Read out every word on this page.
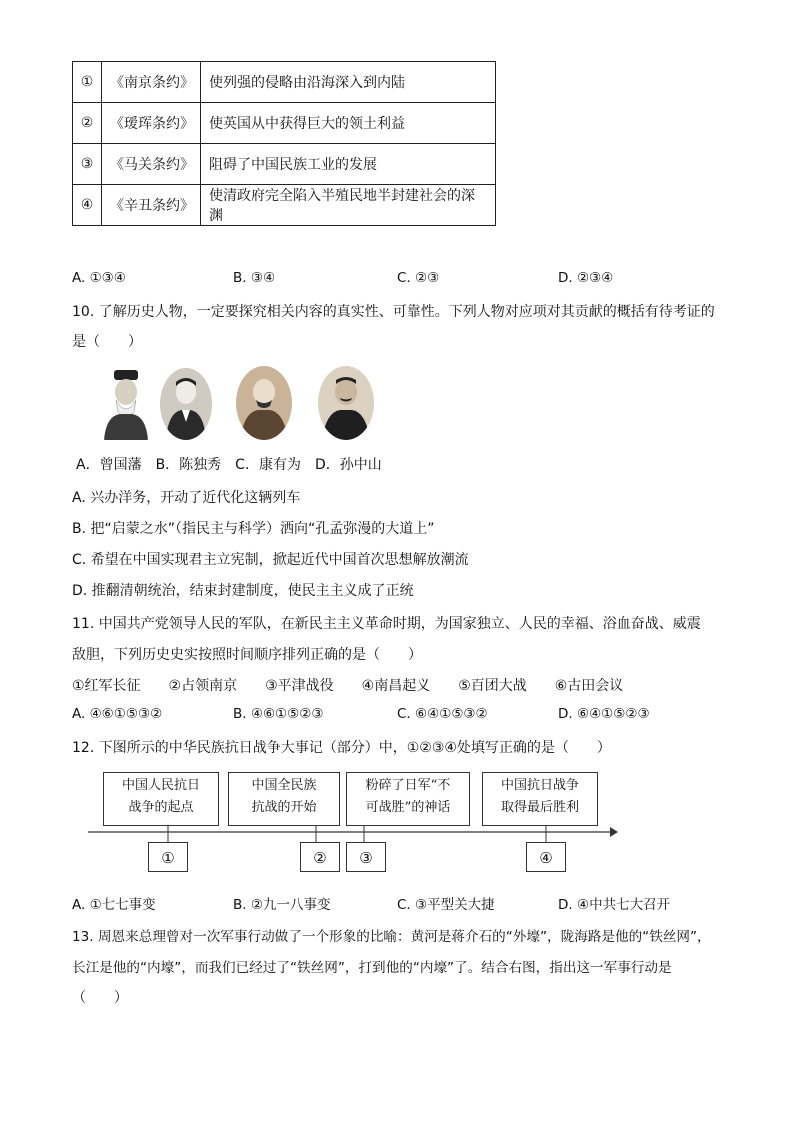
①	《南京条约》	使列强的侵略由沿海深入到内陆
②	《瑷珲条约》	使英国从中获得巨大的领土利益
③	《马关条约》	阻碍了中国民族工业的发展
④	《辛丑条约》	使清政府完全陷入半殖民地半封建社会的深渊
A. ①③④	B. ③④	C. ②③	D. ②③④
10. 了解历史人物，一定要探究相关内容的真实性、可靠性。下列人物对应项对其贡献的概括有待考证的
是（　　）
A．曾国藩　B．陈独秀　C．康有为　D．孙中山
A. 兴办洋务，开动了近代化这辆列车
B. 把“启蒙之水”（指民主与科学）洒向“孔孟弥漫的大道上”
C. 希望在中国实现君主立宪制，掀起近代中国首次思想解放潮流
D. 推翻清朝统治，结束封建制度，使民主主义成了正统
11. 中国共产党领导人民的军队，在新民主主义革命时期，为国家独立、人民的幸福、浴血奋战、威震
敌胆，下列历史史实按照时间顺序排列正确的是（　　）
①红军长征　　②占领南京　　③平津战役　　④南昌起义　　⑤百团大战　　⑥古田会议
A. ④⑥①⑤③②	B. ④⑥①⑤②③	C. ⑥④①⑤③②	D. ⑥④①⑤②③
12. 下图所示的中华民族抗日战争大事记（部分）中，①②③④处填写正确的是（　　）
中国人民抗日
战争的起点
中国全民族
抗战的开始
粉碎了日军“不
可战胜”的神话
中国抗日战争
取得最后胜利
①	②	③	④
A. ①七七事变	B. ②九一八事变	C. ③平型关大捷	D. ④中共七大召开
13. 周恩来总理曾对一次军事行动做了一个形象的比喻：黄河是蒋介石的“外壕”，陇海路是他的“铁丝网”，
长江是他的“内壕”，而我们已经过了“铁丝网”，打到他的“内壕”了。结合右图，指出这一军事行动是
（　　）
